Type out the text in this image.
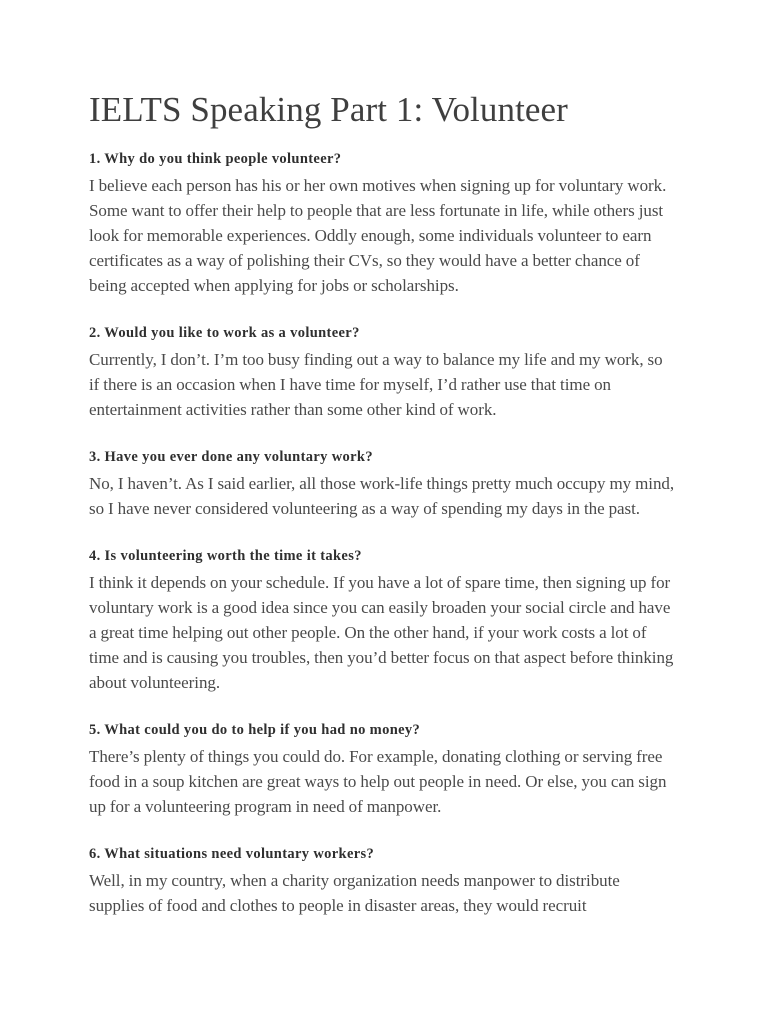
IELTS Speaking Part 1: Volunteer

1. Why do you think people volunteer?

I believe each person has his or her own motives when signing up for voluntary work. Some want to offer their help to people that are less fortunate in life, while others just look for memorable experiences. Oddly enough, some individuals volunteer to earn certificates as a way of polishing their CVs, so they would have a better chance of being accepted when applying for jobs or scholarships.

2. Would you like to work as a volunteer?

Currently, I don’t. I’m too busy finding out a way to balance my life and my work, so if there is an occasion when I have time for myself, I’d rather use that time on entertainment activities rather than some other kind of work.

3. Have you ever done any voluntary work?

No, I haven’t. As I said earlier, all those work-life things pretty much occupy my mind, so I have never considered volunteering as a way of spending my days in the past.

4. Is volunteering worth the time it takes?

I think it depends on your schedule. If you have a lot of spare time, then signing up for voluntary work is a good idea since you can easily broaden your social circle and have a great time helping out other people. On the other hand, if your work costs a lot of time and is causing you troubles, then you’d better focus on that aspect before thinking about volunteering.

5. What could you do to help if you had no money?

There’s plenty of things you could do. For example, donating clothing or serving free food in a soup kitchen are great ways to help out people in need. Or else, you can sign up for a volunteering program in need of manpower.

6. What situations need voluntary workers?

Well, in my country, when a charity organization needs manpower to distribute supplies of food and clothes to people in disaster areas, they would recruit
